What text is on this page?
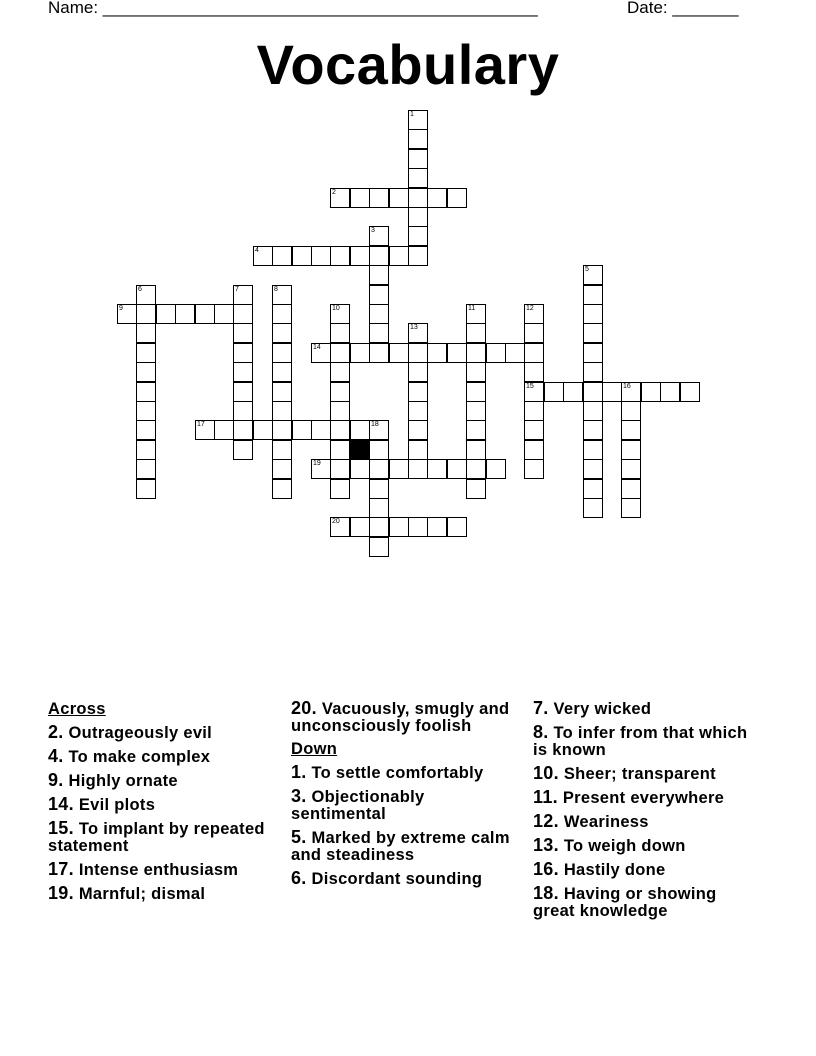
Name: ______________________________________________	Date: _______
Vocabulary
1
2
3
4
5
6	7	8
9	10	11	12
15
13
14
16
17	18
19
20
Across
2. Outrageously evil
4. To make complex
9. Highly ornate
14. Evil plots
15. To implant by repeated statement
17. Intense enthusiasm
19. Marnful; dismal
20. Vacuously, smugly and unconsciously foolish
Down
1. To settle comfortably
3. Objectionably sentimental
5. Marked by extreme calm and steadiness
6. Discordant sounding
7. Very wicked
8. To infer from that which is known
10. Sheer; transparent
11. Present everywhere
12. Weariness
13. To weigh down
16. Hastily done
18. Having or showing great knowledge
